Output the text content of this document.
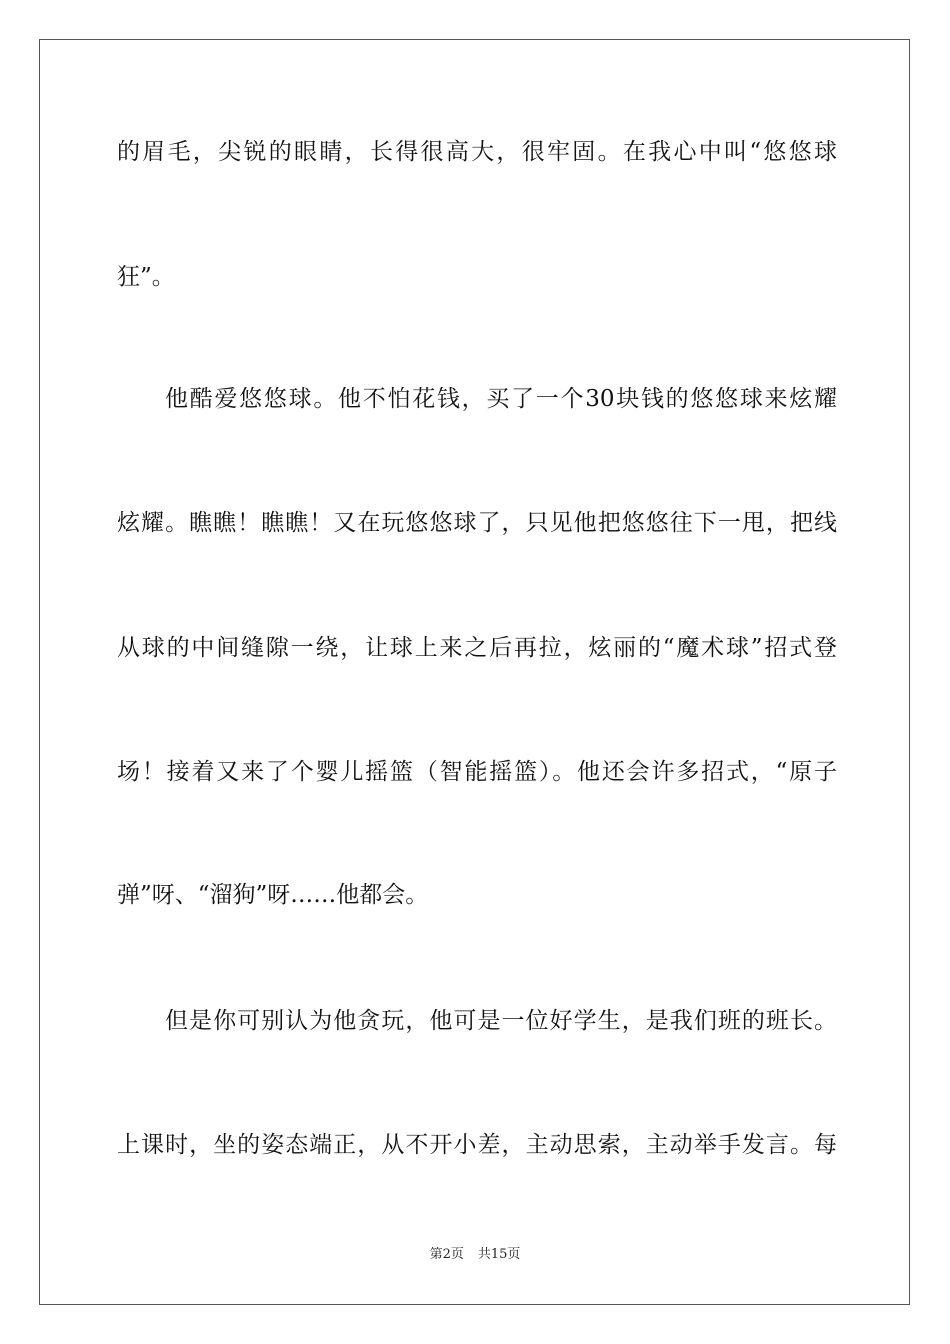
的眉毛，尖锐的眼睛，长得很高大，很牢固。在我心中叫“悠悠球
狂”。
他酷爱悠悠球。他不怕花钱，买了一个30块钱的悠悠球来炫耀
炫耀。瞧瞧！瞧瞧！又在玩悠悠球了，只见他把悠悠往下一甩，把线
从球的中间缝隙一绕，让球上来之后再拉，炫丽的“魔术球”招式登
场！接着又来了个婴儿摇篮（智能摇篮）。他还会许多招式，“原子
弹”呀、“溜狗”呀……他都会。
但是你可别认为他贪玩，他可是一位好学生，是我们班的班长。
上课时，坐的姿态端正，从不开小差，主动思索，主动举手发言。每
第2页 共15页
